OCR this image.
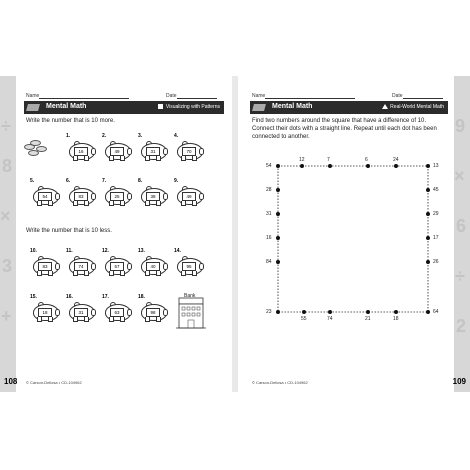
÷
8
×
3
+
Name	Date
Mental Math	Visualizing with Patterns
Write the number that is 10 more.
1.
16
2.
49
3.
31
4.
70
5.
54
6.
83
7.
25
8.
38
9.
49
Write the number that is 10 less.
10.
83
11.
74
12.
57
13.
40
14.
95
15.
18
16.
31
17.
63
18.
98
Bank
© Carson-Dellosa • CD-104962
108
9
×
6
÷
2
Name	Date
Mental Math	Real-World Mental Math
Find two numbers around the square that have a difference of 10. Connect their dots with a straight line. Repeat until each dot has been connected to another.
54
12	7	6	24
13
28
31
16
84
23
45
29
17
26
64
55	74	21	18
© Carson-Dellosa • CD-104962	109
